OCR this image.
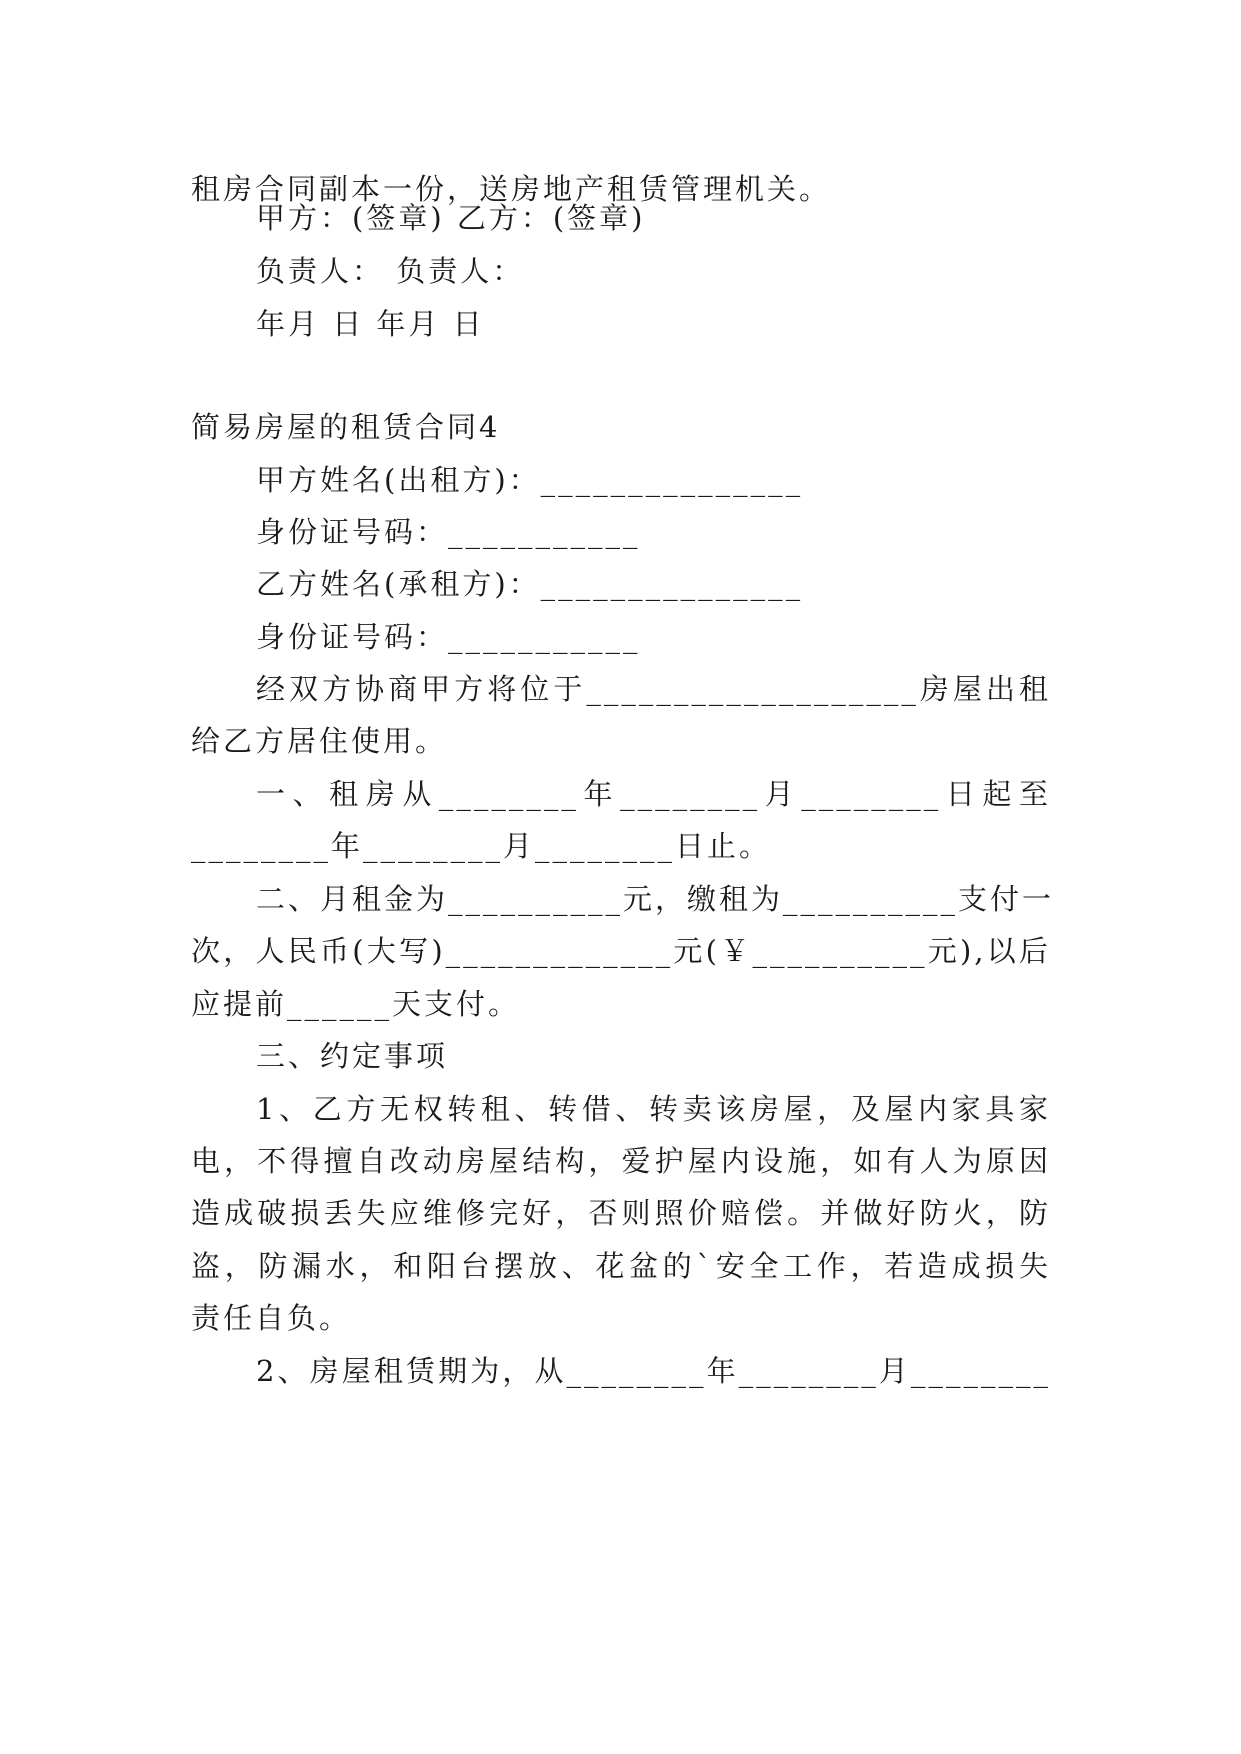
租房合同副本一份，送房地产租赁管理机关。
甲方：(签章) 乙方：(签章)
负责人： 负责人：
年月 日 年月 日
简易房屋的租赁合同4
甲方姓名(出租方)：_______________
身份证号码：___________
乙方姓名(承租方)：_______________
身份证号码：___________
经双方协商甲方将位于___________________房屋出租
给乙方居住使用。
一、租房从________年________月________日起至
________年________月________日止。
二、月租金为__________元，缴租为__________支付一
次，人民币(大写)_____________元(￥__________元),以后
应提前______天支付。
三、约定事项
1、乙方无权转租、转借、转卖该房屋，及屋内家具家
电，不得擅自改动房屋结构，爱护屋内设施，如有人为原因
造成破损丢失应维修完好，否则照价赔偿。并做好防火，防
盗，防漏水，和阳台摆放、花盆的`安全工作，若造成损失
责任自负。
2、房屋租赁期为，从________年________月________
